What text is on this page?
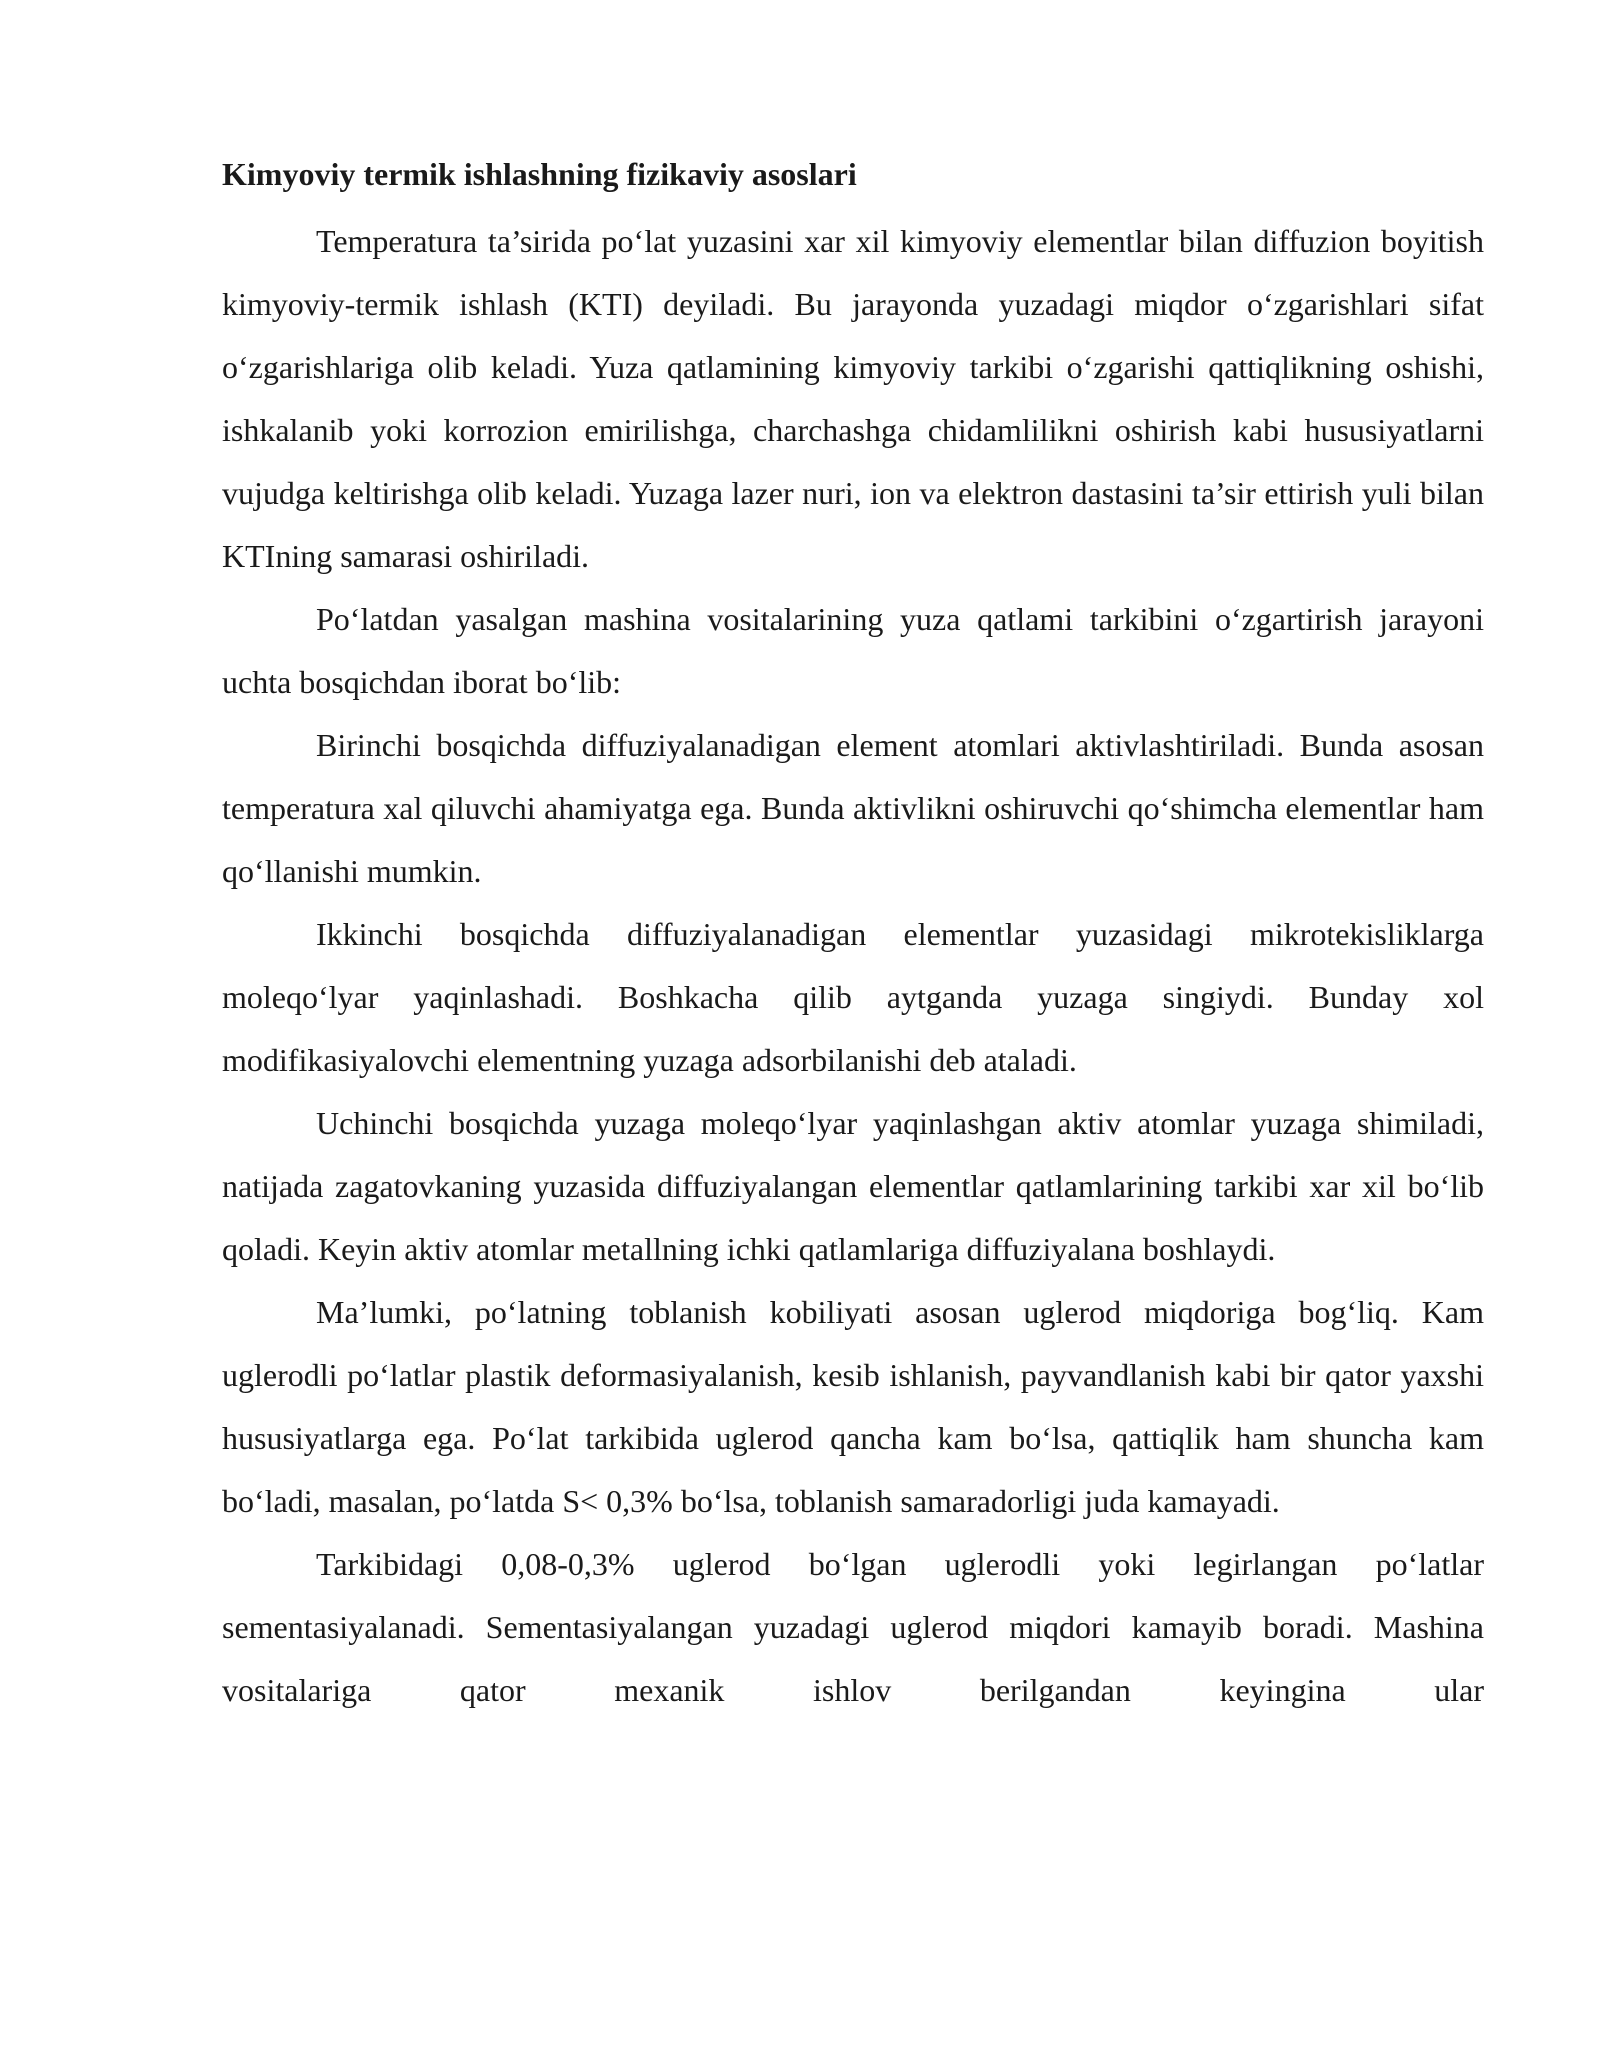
Kimyoviy termik ishlashning fizikaviy asoslari

Temperatura ta’sirida po‘lat yuzasini xar xil kimyoviy elementlar bilan diffuzion boyitish kimyoviy-termik ishlash (KTI) deyiladi. Bu jarayonda yuzadagi miqdor o‘zgarishlari sifat o‘zgarishlariga olib keladi. Yuza qatlamining kimyoviy tarkibi o‘zgarishi qattiqlikning oshishi, ishkalanib yoki korrozion emirilishga, charchashga chidamlilikni oshirish kabi hususiyatlarni vujudga keltirishga olib keladi. Yuzaga lazer nuri, ion va elektron dastasini ta’sir ettirish yuli bilan KTIning samarasi oshiriladi.

Po‘latdan yasalgan mashina vositalarining yuza qatlami tarkibini o‘zgartirish jarayoni uchta bosqichdan iborat bo‘lib:

Birinchi bosqichda diffuziyalanadigan element atomlari aktivlashtiriladi. Bunda asosan temperatura xal qiluvchi ahamiyatga ega. Bunda aktivlikni oshiruvchi qo‘shimcha elementlar ham qo‘llanishi mumkin.

Ikkinchi bosqichda diffuziyalanadigan elementlar yuzasidagi mikrotekisliklarga moleqo‘lyar yaqinlashadi. Boshkacha qilib aytganda yuzaga singiydi. Bunday xol modifikasiyalovchi elementning yuzaga adsorbilanishi deb ataladi.

Uchinchi bosqichda yuzaga moleqo‘lyar yaqinlashgan aktiv atomlar yuzaga shimiladi, natijada zagatovkaning yuzasida diffuziyalangan elementlar qatlamlarining tarkibi xar xil bo‘lib qoladi. Keyin aktiv atomlar metallning ichki qatlamlariga diffuziyalana boshlaydi.

Ma’lumki, po‘latning toblanish kobiliyati asosan uglerod miqdoriga bog‘liq. Kam uglerodli po‘latlar plastik deformasiyalanish, kesib ishlanish, payvandlanish kabi bir qator yaxshi hususiyatlarga ega. Po‘lat tarkibida uglerod qancha kam bo‘lsa, qattiqlik ham shuncha kam bo‘ladi, masalan, po‘latda S< 0,3% bo‘lsa, toblanish samaradorligi juda kamayadi.

Tarkibidagi 0,08-0,3% uglerod bo‘lgan uglerodli yoki legirlangan po‘latlar sementasiyalanadi. Sementasiyalangan yuzadagi uglerod miqdori kamayib boradi. Mashina vositalariga qator mexanik ishlov berilgandan keyingina ular
